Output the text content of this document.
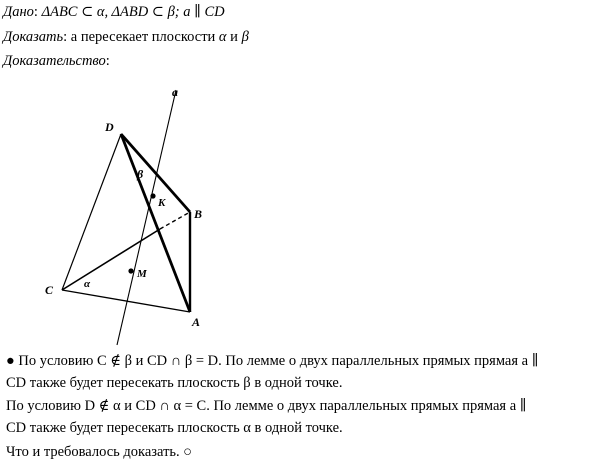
Дано: ΔABC ⊂ α, ΔABD ⊂ β; a ∥ CD
Доказать: a пересекает плоскости α и β
Доказательство:
a
D
B
C
A
K
M
β
α
● По условию C ∉ β и CD ∩ β = D. По лемме о двух параллельных прямых прямая a ∥
CD также будет пересекать плоскость β в одной точке.
По условию D ∉ α и CD ∩ α = C. По лемме о двух параллельных прямых прямая a ∥
CD также будет пересекать плоскость α в одной точке.
Что и требовалось доказать. ○
